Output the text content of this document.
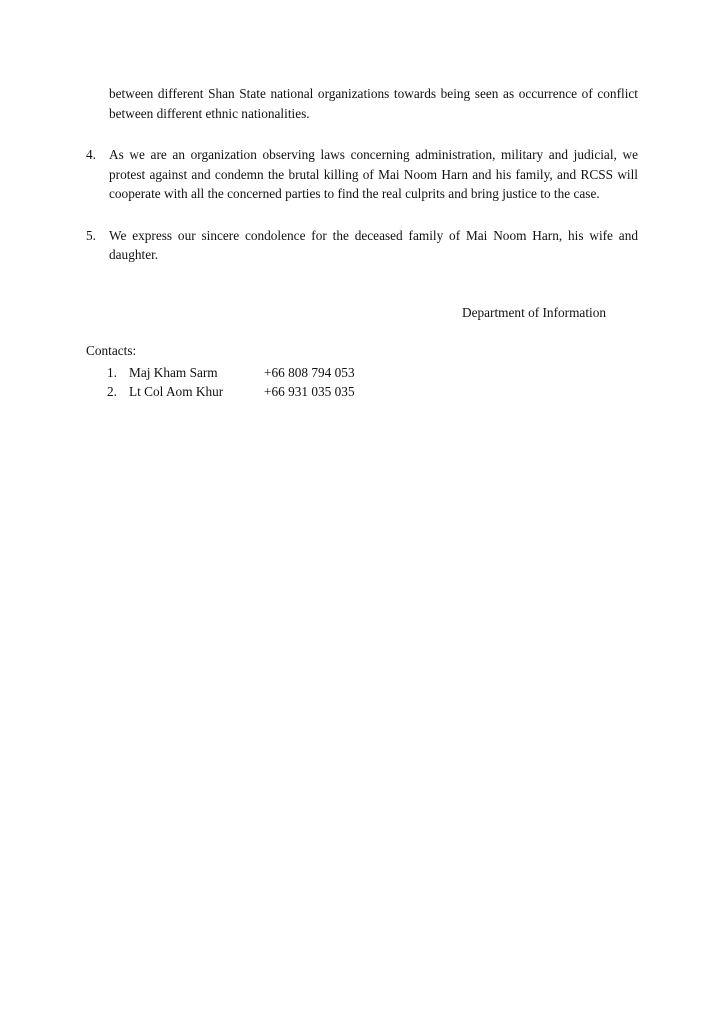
between different Shan State national organizations towards being seen as occurrence of conflict between different ethnic nationalities.
4. As we are an organization observing laws concerning administration, military and judicial, we protest against and condemn the brutal killing of Mai Noom Harn and his family, and RCSS will cooperate with all the concerned parties to find the real culprits and bring justice to the case.
5. We express our sincere condolence for the deceased family of Mai Noom Harn, his wife and daughter.
Department of Information
Contacts:
1. Maj Kham Sarm	+66 808 794 053
2. Lt Col Aom Khur	+66 931 035 035
